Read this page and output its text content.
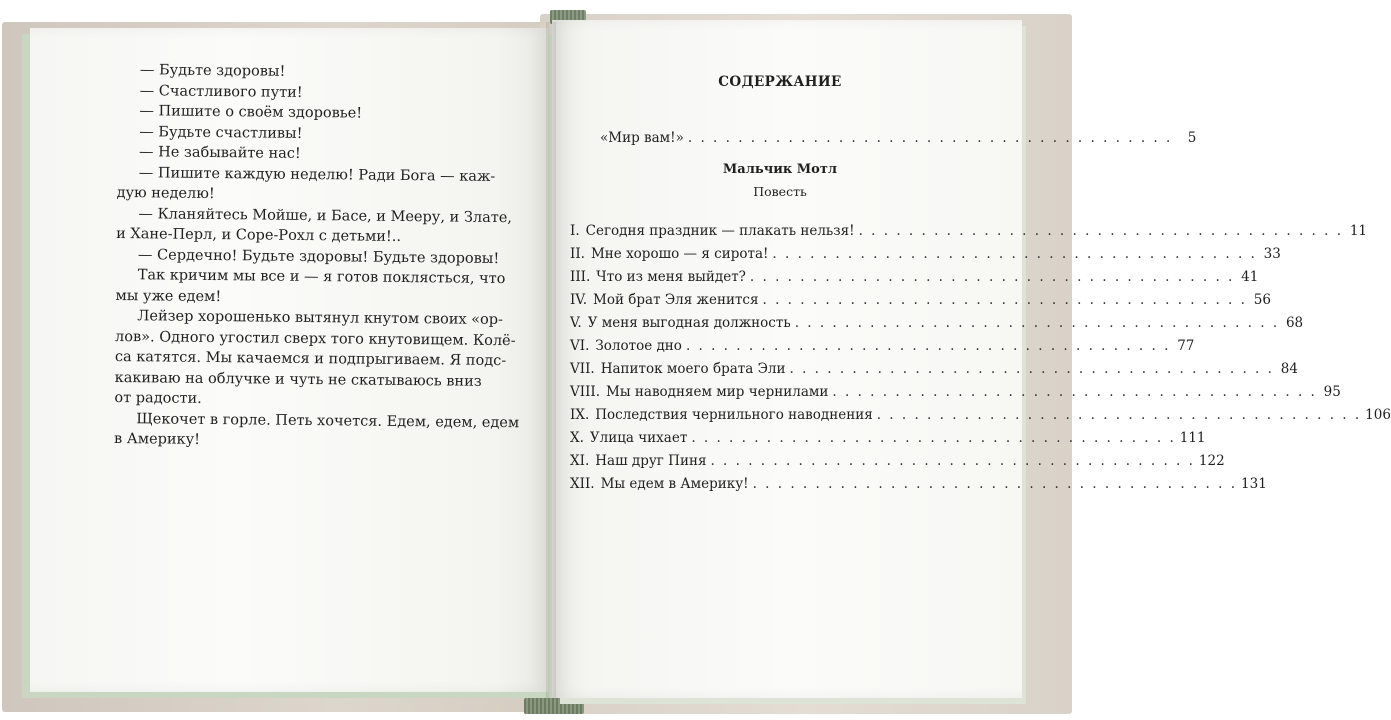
— Будьте здоровы!
— Счастливого пути!
— Пишите о своём здоровье!
— Будьте счастливы!
— Не забывайте нас!
— Пишите каждую неделю! Ради Бога — каж-
дую неделю!
— Кланяйтесь Мойше, и Басе, и Мееру, и Злате,
и Хане-Перл, и Соре-Рохл с детьми!..
— Сердечно! Будьте здоровы! Будьте здоровы!
Так кричим мы все и — я готов поклясться, что
мы уже едем!
Лейзер хорошенько вытянул кнутом своих «ор-
лов». Одного угостил сверх того кнутовищем. Колё-
са катятся. Мы качаемся и подпрыгиваем. Я подс-
какиваю на облучке и чуть не скатываюсь вниз
от радости.
Щекочет в горле. Петь хочется. Едем, едем, едем
в Америку!
СОДЕРЖАНИЕ
«Мир вам!» . . . . . . . . . . . . . . . . . . . . . . . . . . . . . . . . . . . . . . .	5
Мальчик Мотл
Повесть
I. Сегодня праздник — плакать нельзя! . . . . . . . . . . . . . . . . . . . . . . . . . . . . . . . . . . . . . . . 11
II. Мне хорошо — я сирота! . . . . . . . . . . . . . . . . . . . . . . . . . . . . . . . . . . . . . . . 33
III. Что из меня выйдет? . . . . . . . . . . . . . . . . . . . . . . . . . . . . . . . . . . . . . . . 41
IV. Мой брат Эля женится . . . . . . . . . . . . . . . . . . . . . . . . . . . . . . . . . . . . . . . 56
V. У меня выгодная должность . . . . . . . . . . . . . . . . . . . . . . . . . . . . . . . . . . . . . . . 68
VI. Золотое дно . . . . . . . . . . . . . . . . . . . . . . . . . . . . . . . . . . . . . . . 77
VII. Напиток моего брата Эли . . . . . . . . . . . . . . . . . . . . . . . . . . . . . . . . . . . . . . . 84
VIII. Мы наводняем мир чернилами . . . . . . . . . . . . . . . . . . . . . . . . . . . . . . . . . . . . . . . 95
IX. Последствия чернильного наводнения . . . . . . . . . . . . . . . . . . . . . . . . . . . . . . . . . . . . . . . 106
X. Улица чихает . . . . . . . . . . . . . . . . . . . . . . . . . . . . . . . . . . . . . . . 111
XI. Наш друг Пиня . . . . . . . . . . . . . . . . . . . . . . . . . . . . . . . . . . . . . . . 122
XII. Мы едем в Америку! . . . . . . . . . . . . . . . . . . . . . . . . . . . . . . . . . . . . . . . 131
